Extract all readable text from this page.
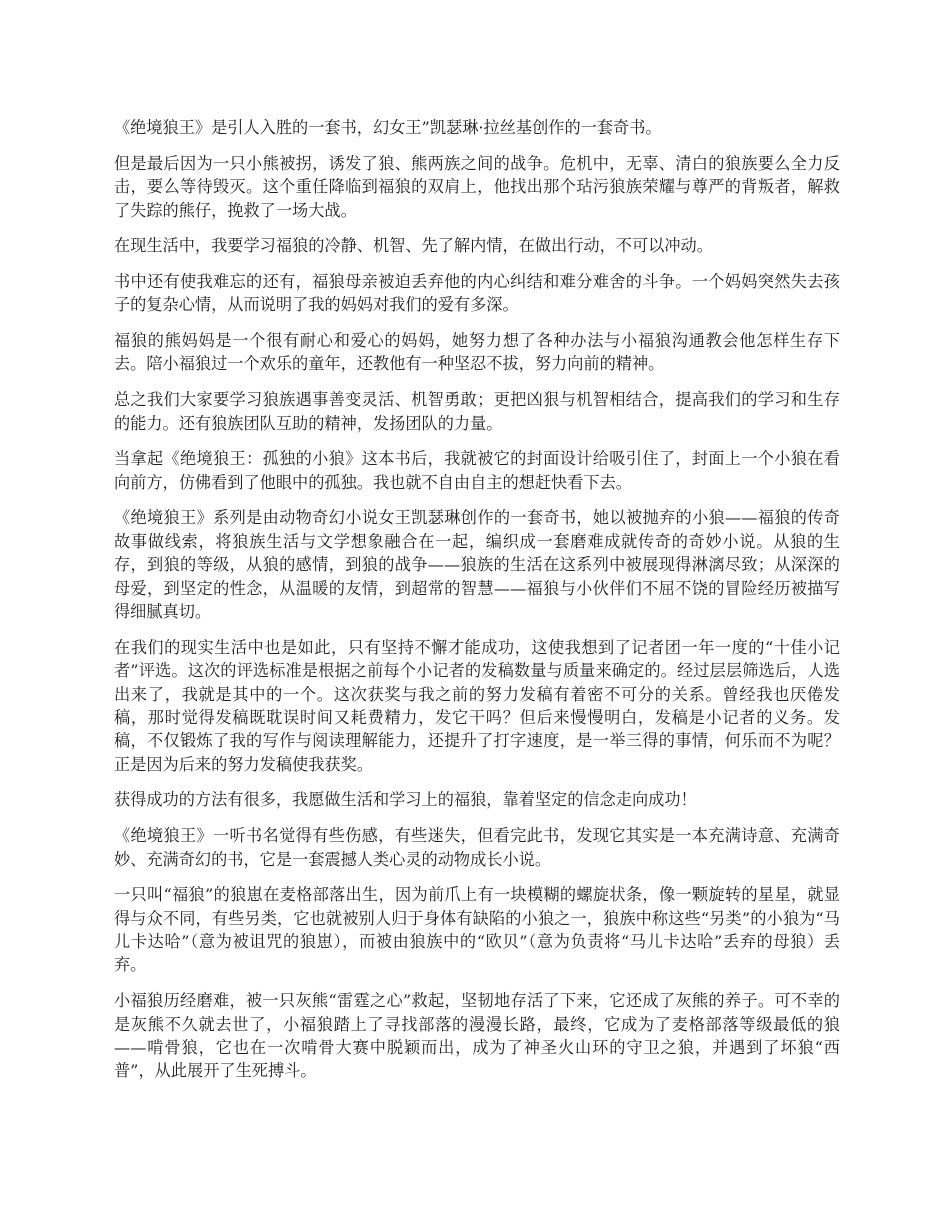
《绝境狼王》是引人入胜的一套书，幻女王”凯瑟琳·拉丝基创作的一套奇书。

但是最后因为一只小熊被拐，诱发了狼、熊两族之间的战争。危机中，无辜、清白的狼族要么全力反击，要么等待毁灭。这个重任降临到福狼的双肩上，他找出那个玷污狼族荣耀与尊严的背叛者，解救了失踪的熊仔，挽救了一场大战。

在现生活中，我要学习福狼的冷静、机智、先了解内情，在做出行动，不可以冲动。

书中还有使我难忘的还有，福狼母亲被迫丢弃他的内心纠结和难分难舍的斗争。一个妈妈突然失去孩子的复杂心情，从而说明了我的妈妈对我们的爱有多深。

福狼的熊妈妈是一个很有耐心和爱心的妈妈，她努力想了各种办法与小福狼沟通教会他怎样生存下去。陪小福狼过一个欢乐的童年，还教他有一种坚忍不拔，努力向前的精神。

总之我们大家要学习狼族遇事善变灵活、机智勇敢；更把凶狠与机智相结合，提高我们的学习和生存的能力。还有狼族团队互助的精神，发扬团队的力量。

当拿起《绝境狼王：孤独的小狼》这本书后，我就被它的封面设计给吸引住了，封面上一个小狼在看向前方，仿佛看到了他眼中的孤独。我也就不自由自主的想赶快看下去。

《绝境狼王》系列是由动物奇幻小说女王凯瑟琳创作的一套奇书，她以被抛弃的小狼——福狼的传奇故事做线索，将狼族生活与文学想象融合在一起，编织成一套磨难成就传奇的奇妙小说。从狼的生存，到狼的等级，从狼的感情，到狼的战争——狼族的生活在这系列中被展现得淋漓尽致；从深深的母爱，到坚定的性念，从温暖的友情，到超常的智慧——福狼与小伙伴们不屈不饶的冒险经历被描写得细腻真切。

在我们的现实生活中也是如此，只有坚持不懈才能成功，这使我想到了记者团一年一度的“十佳小记者”评选。这次的评选标准是根据之前每个小记者的发稿数量与质量来确定的。经过层层筛选后，人选出来了，我就是其中的一个。这次获奖与我之前的努力发稿有着密不可分的关系。曾经我也厌倦发稿，那时觉得发稿既耽误时间又耗费精力，发它干吗？但后来慢慢明白，发稿是小记者的义务。发稿，不仅锻炼了我的写作与阅读理解能力，还提升了打字速度，是一举三得的事情，何乐而不为呢？正是因为后来的努力发稿使我获奖。

获得成功的方法有很多，我愿做生活和学习上的福狼，靠着坚定的信念走向成功！

《绝境狼王》一听书名觉得有些伤感，有些迷失，但看完此书，发现它其实是一本充满诗意、充满奇妙、充满奇幻的书，它是一套震撼人类心灵的动物成长小说。

一只叫“福狼”的狼崽在麦格部落出生，因为前爪上有一块模糊的螺旋状条，像一颗旋转的星星，就显得与众不同，有些另类，它也就被别人归于身体有缺陷的小狼之一，狼族中称这些“另类”的小狼为“马儿卡达哈”（意为被诅咒的狼崽），而被由狼族中的“欧贝”（意为负责将“马儿卡达哈”丢弃的母狼）丢弃。

小福狼历经磨难，被一只灰熊“雷霆之心”救起，坚韧地存活了下来，它还成了灰熊的养子。可不幸的是灰熊不久就去世了，小福狼踏上了寻找部落的漫漫长路，最终，它成为了麦格部落等级最低的狼——啃骨狼，它也在一次啃骨大赛中脱颖而出，成为了神圣火山环的守卫之狼，并遇到了坏狼“西普”，从此展开了生死搏斗。
